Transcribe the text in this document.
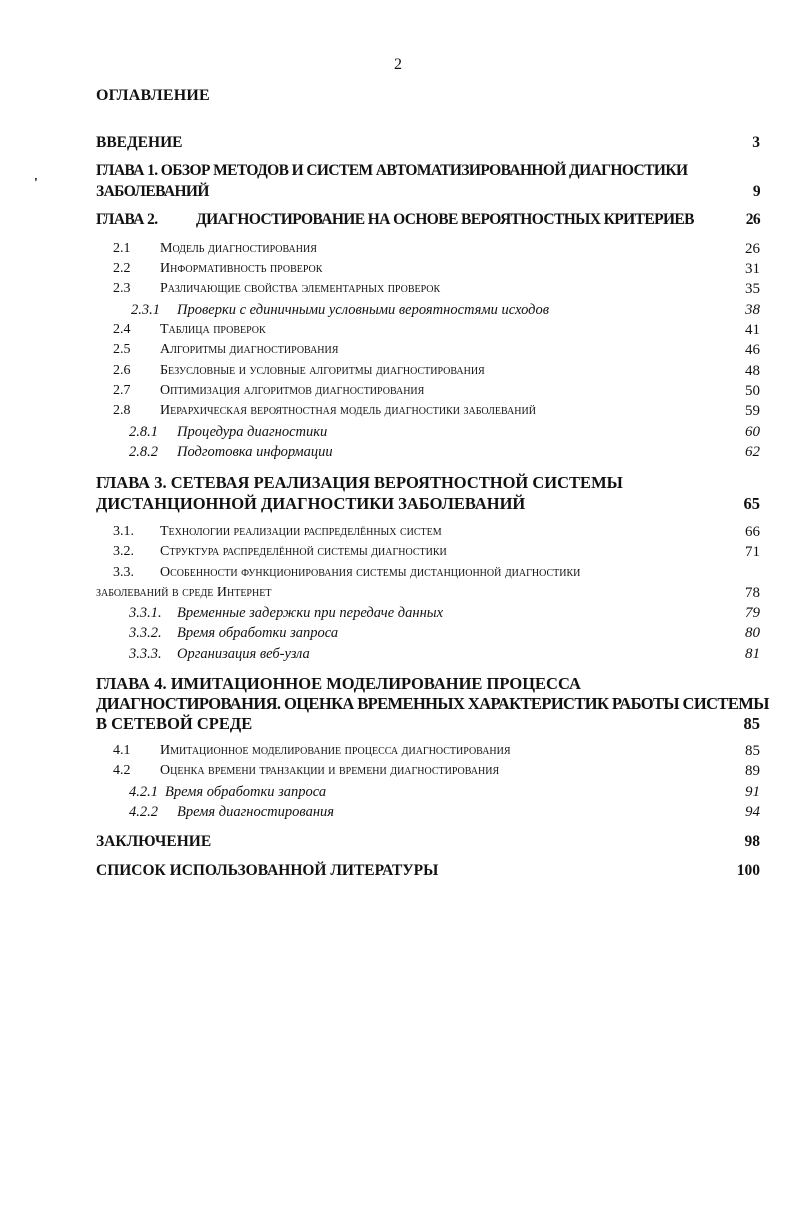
2
ОГЛАВЛЕНИЕ
'
ВВЕДЕНИЕ	3
ГЛАВА 1. ОБЗОР МЕТОДОВ И СИСТЕМ АВТОМАТИЗИРОВАННОЙ ДИАГНОСТИКИ
ЗАБОЛЕВАНИЙ	9
ГЛАВА 2. ДИАГНОСТИРОВАНИЕ НА ОСНОВЕ ВЕРОЯТНОСТНЫХ КРИТЕРИЕВ	26
2.1 Модель диагностирования	26
2.2 Информативность проверок	31
2.3 Различающие свойства элементарных проверок	35
2.3.1 Проверки с единичными условными вероятностями исходов	38
2.4 Таблица проверок	41
2.5 Алгоритмы диагностирования	46
2.6 Безусловные и условные алгоритмы диагностирования	48
2.7 Оптимизация алгоритмов диагностирования	50
2.8 Иерархическая вероятностная модель диагностики заболеваний	59
2.8.1 Процедура диагностики	60
2.8.2 Подготовка информации	62
ГЛАВА 3. СЕТЕВАЯ РЕАЛИЗАЦИЯ ВЕРОЯТНОСТНОЙ СИСТЕМЫ
ДИСТАНЦИОННОЙ ДИАГНОСТИКИ ЗАБОЛЕВАНИЙ	65
3.1. Технологии реализации распределённых систем	66
3.2. Структура распределённой системы диагностики	71
3.3. Особенности функционирования системы дистанционной диагностики
заболеваний в среде Интернет	78
3.3.1. Временные задержки при передаче данных	79
3.3.2. Время обработки запроса	80
3.3.3. Организация веб-узла	81
ГЛАВА 4. ИМИТАЦИОННОЕ МОДЕЛИРОВАНИЕ ПРОЦЕССА
ДИАГНОСТИРОВАНИЯ. ОЦЕНКА ВРЕМЕННЫХ ХАРАКТЕРИСТИК РАБОТЫ СИСТЕМЫ
В СЕТЕВОЙ СРЕДЕ	85
4.1 Имитационное моделирование процесса диагностирования	85
4.2 Оценка времени транзакции и времени диагностирования	89
4.2.1 Время обработки запроса	91
4.2.2 Время диагностирования	94
ЗАКЛЮЧЕНИЕ	98
СПИСОК ИСПОЛЬЗОВАННОЙ ЛИТЕРАТУРЫ	100
